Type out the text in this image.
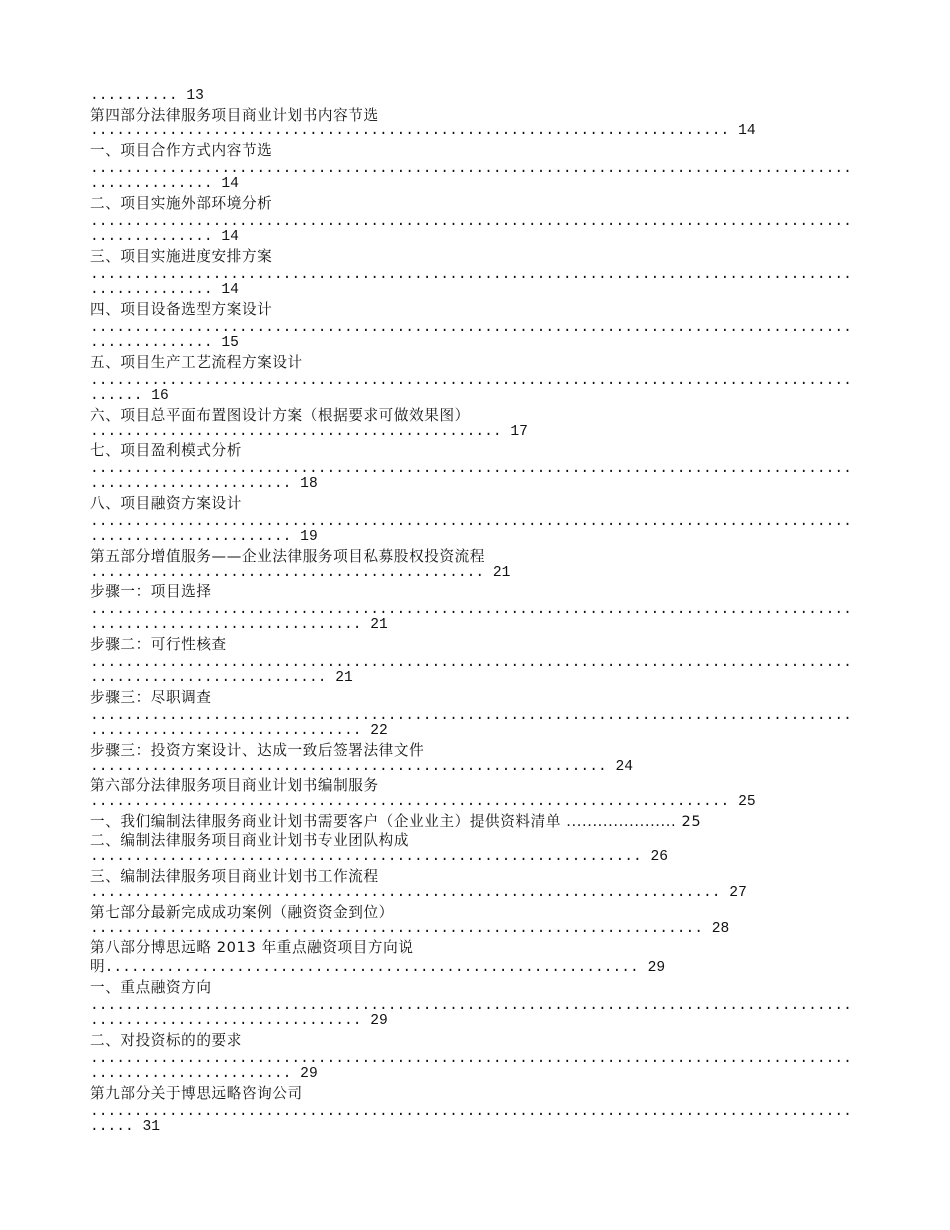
.......... 13
第四部分法律服务项目商业计划书内容节选
......................................................................... 14
一、项目合作方式内容节选
.......................................................................................
.............. 14
二、项目实施外部环境分析
.......................................................................................
.............. 14
三、项目实施进度安排方案
.......................................................................................
.............. 14
四、项目设备选型方案设计
.......................................................................................
.............. 15
五、项目生产工艺流程方案设计
.......................................................................................
...... 16
六、项目总平面布置图设计方案（根据要求可做效果图）
............................................... 17
七、项目盈利模式分析
.......................................................................................
....................... 18
八、项目融资方案设计
.......................................................................................
....................... 19
第五部分增值服务——企业法律服务项目私募股权投资流程
............................................. 21
步骤一：项目选择
.......................................................................................
............................... 21
步骤二：可行性核查
.......................................................................................
........................... 21
步骤三：尽职调查
.......................................................................................
............................... 22
步骤三：投资方案设计、达成一致后签署法律文件
........................................................... 24
第六部分法律服务项目商业计划书编制服务
......................................................................... 25
一、我们编制法律服务商业计划书需要客户（企业业主）提供资料清单 ..................... 25
二、编制法律服务项目商业计划书专业团队构成
............................................................... 26
三、编制法律服务项目商业计划书工作流程
........................................................................ 27
第七部分最新完成成功案例（融资资金到位）
...................................................................... 28
第八部分博思远略 2013 年重点融资项目方向说
明............................................................. 29
一、重点融资方向
.......................................................................................
............................... 29
二、对投资标的的要求
.......................................................................................
....................... 29
第九部分关于博思远略咨询公司
.......................................................................................
..... 31
